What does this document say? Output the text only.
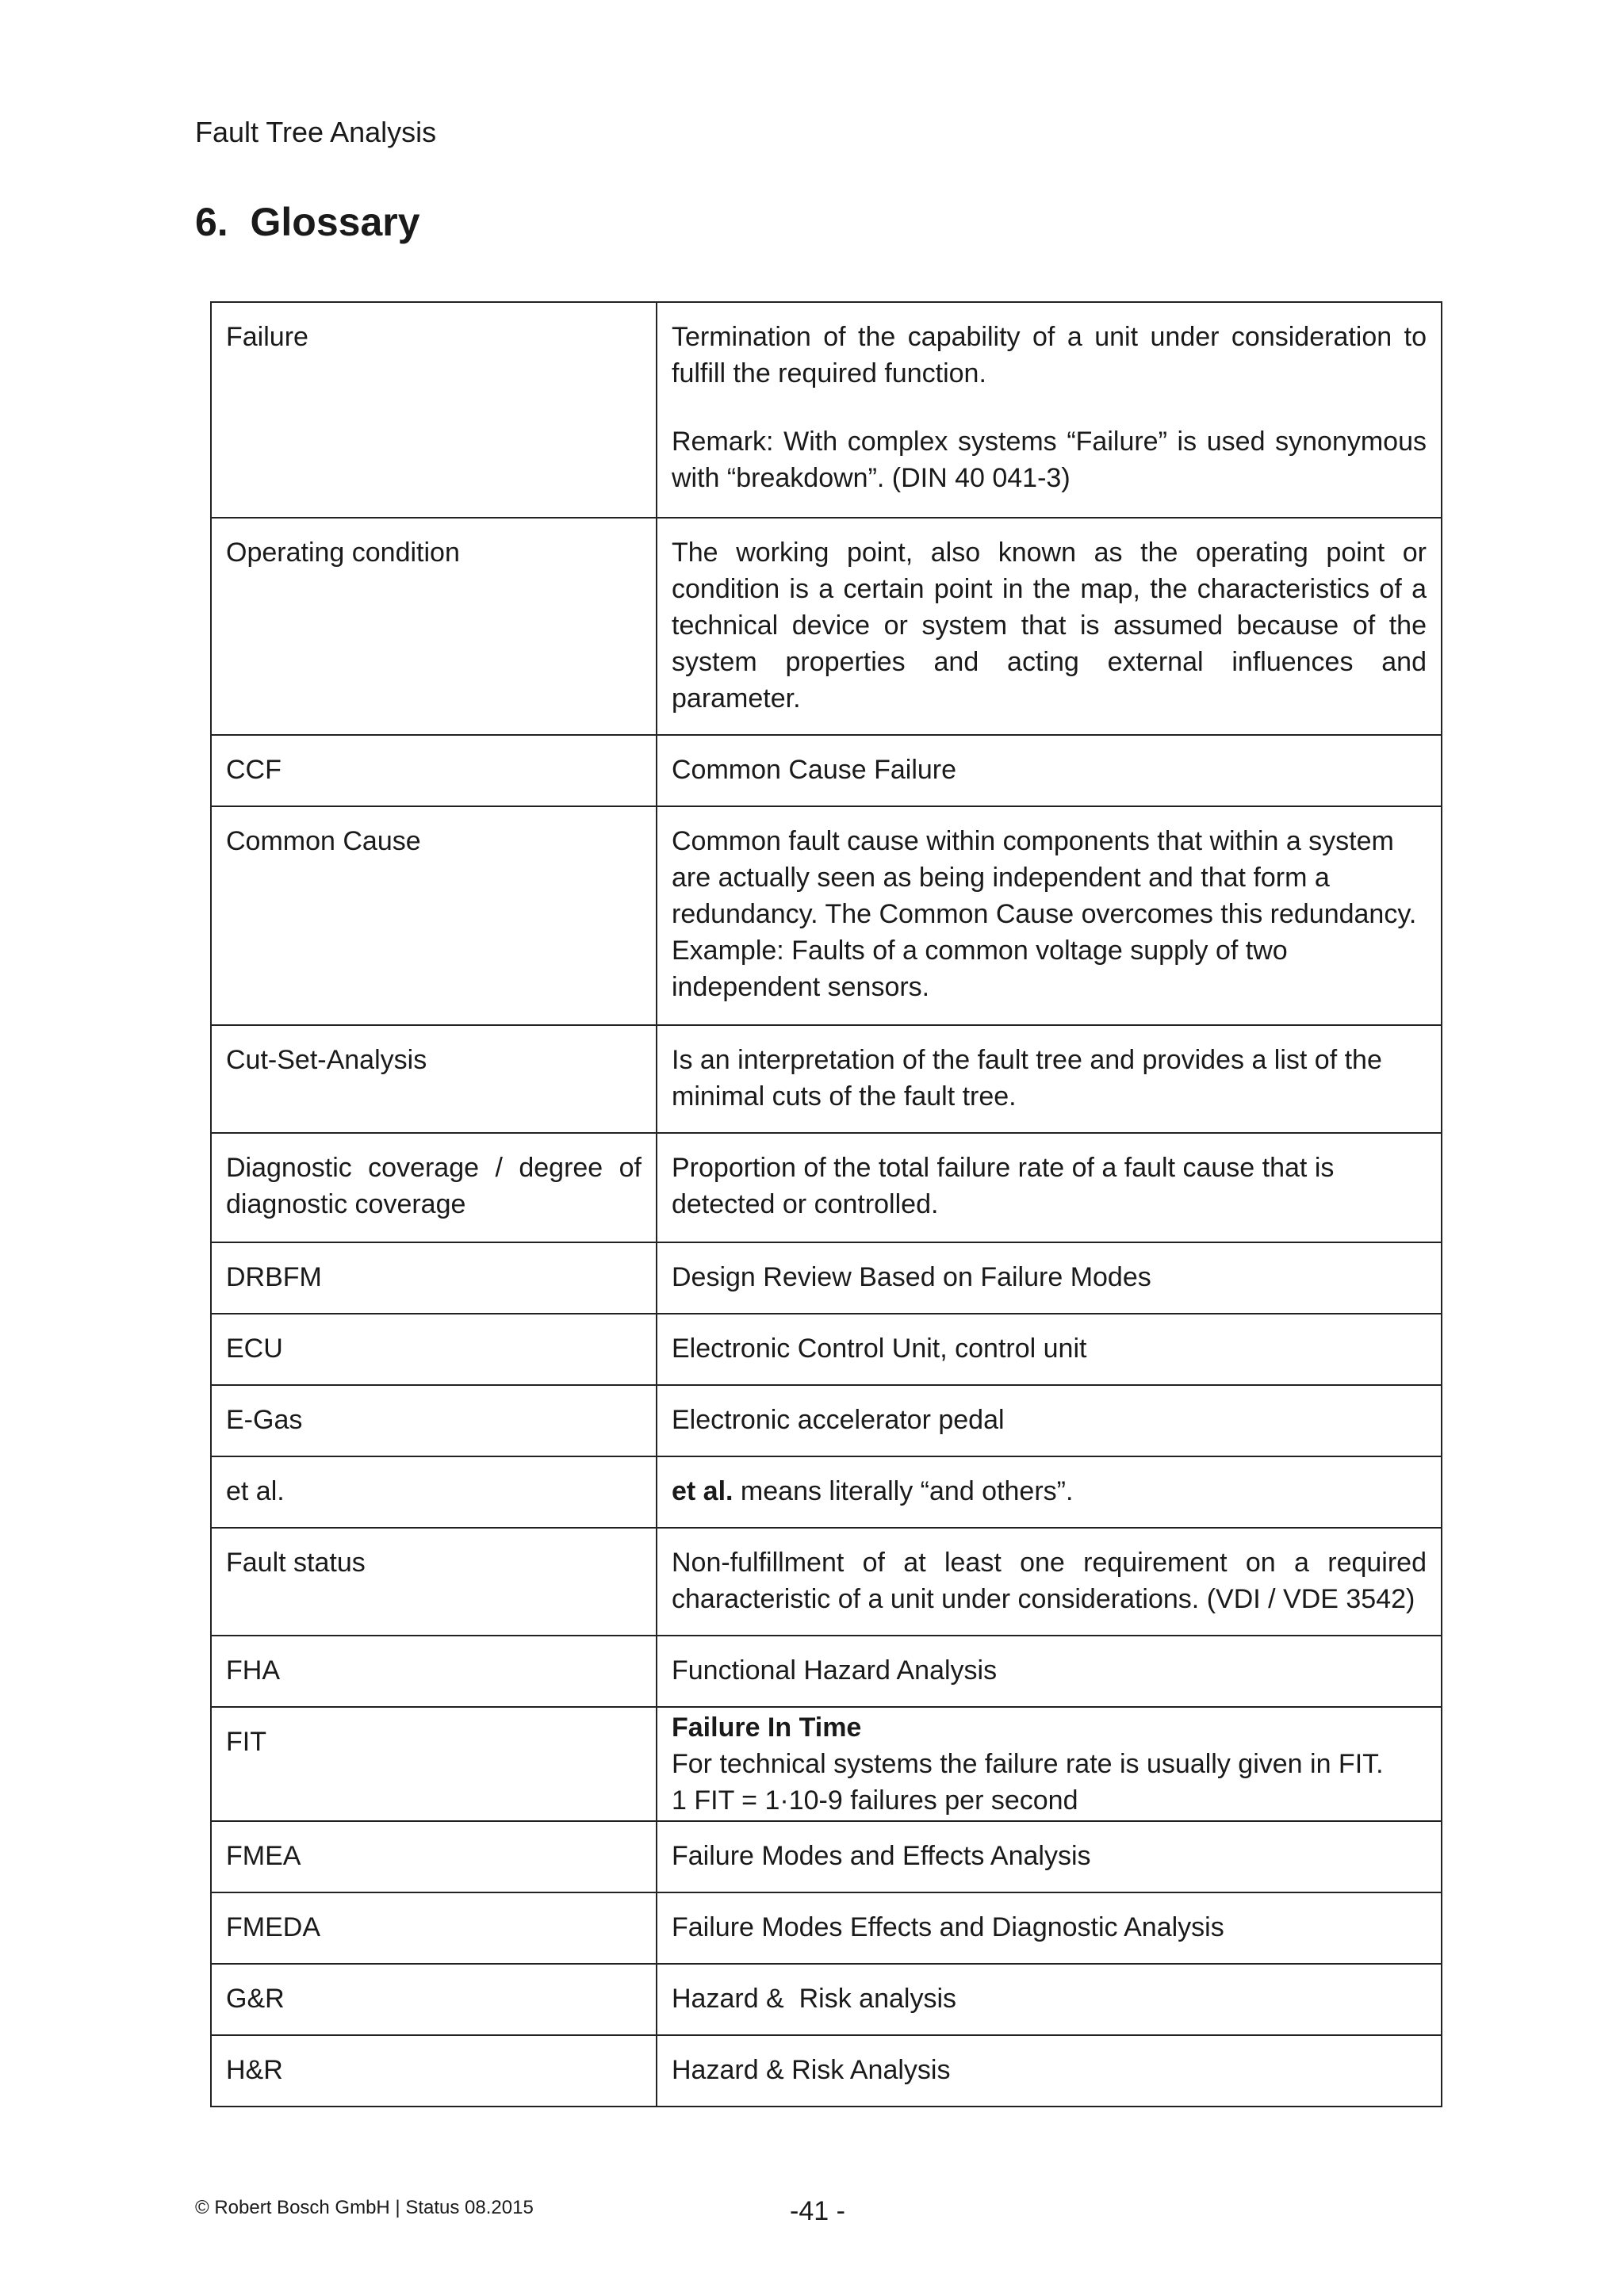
Fault Tree Analysis
6. Glossary
Failure	Termination of the capability of a unit under consideration to fulfill the required function.
Remark: With complex systems “Failure” is used synonymous with “breakdown”. (DIN 40 041-3)

Operating condition	The working point, also known as the operating point or condition is a certain point in the map, the characteristics of a technical device or system that is assumed because of the system properties and acting external influences and parameter.
CCF	Common Cause Failure
Common Cause	Common fault cause within components that within a system are actually seen as being independent and that form a redundancy. The Common Cause overcomes this redundancy. Example: Faults of a common voltage supply of two independent sensors.
Cut-Set-Analysis	Is an interpretation of the fault tree and provides a list of the minimal cuts of the fault tree.
Diagnostic coverage / degree of diagnostic coverage	Proportion of the total failure rate of a fault cause that is detected or controlled.
DRBFM	Design Review Based on Failure Modes
ECU	Electronic Control Unit, control unit
E-Gas	Electronic accelerator pedal
et al.	et al. means literally “and others”.
Fault status	Non-fulfillment of at least one requirement on a required characteristic of a unit under considerations. (VDI / VDE 3542)
FHA	Functional Hazard Analysis
FIT	Failure In Time
For technical systems the failure rate is usually given in FIT.
1 FIT = 1·10-9 failures per second

FMEA	Failure Modes and Effects Analysis
FMEDA	Failure Modes Effects and Diagnostic Analysis
G&R	Hazard &  Risk analysis
H&R	Hazard & Risk Analysis
© Robert Bosch GmbH | Status 08.2015	-41 -
